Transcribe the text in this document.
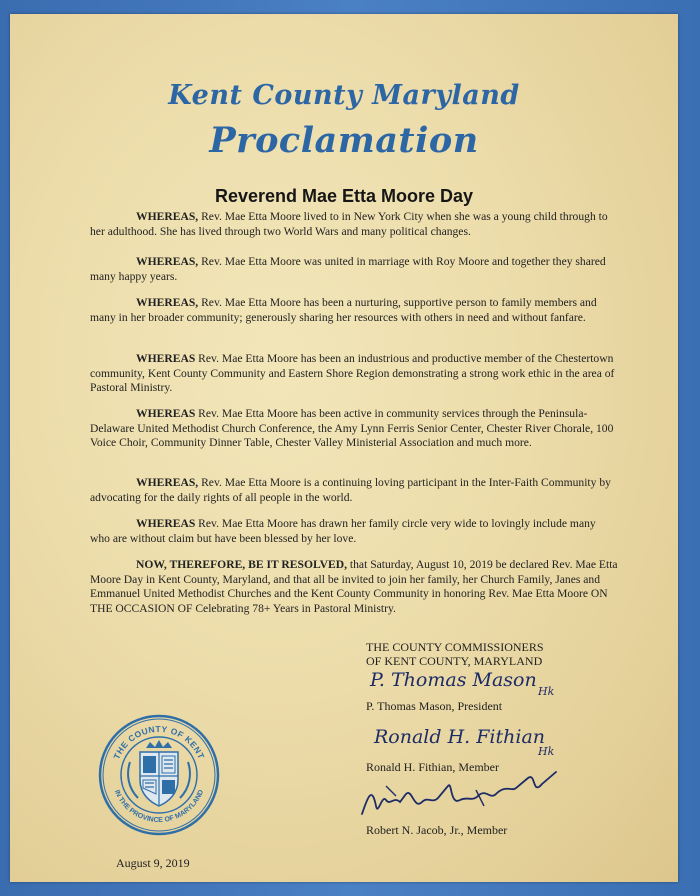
Kent County Maryland
Proclamation
Reverend Mae Etta Moore Day
WHEREAS, Rev. Mae Etta Moore lived to in New York City when she was a young child through to her adulthood. She has lived through two World Wars and many political changes.
WHEREAS, Rev. Mae Etta Moore was united in marriage with Roy Moore and together they shared many happy years.
WHEREAS, Rev. Mae Etta Moore has been a nurturing, supportive person to family members and many in her broader community; generously sharing her resources with others in need and without fanfare.
WHEREAS Rev. Mae Etta Moore has been an industrious and productive member of the Chestertown community, Kent County Community and Eastern Shore Region demonstrating a strong work ethic in the area of Pastoral Ministry.
WHEREAS Rev. Mae Etta Moore has been active in community services through the Peninsula-Delaware United Methodist Church Conference, the Amy Lynn Ferris Senior Center, Chester River Chorale, 100 Voice Choir, Community Dinner Table, Chester Valley Ministerial Association and much more.
WHEREAS, Rev. Mae Etta Moore is a continuing loving participant in the Inter-Faith Community by advocating for the daily rights of all people in the world.
WHEREAS Rev. Mae Etta Moore has drawn her family circle very wide to lovingly include many who are without claim but have been blessed by her love.
NOW, THEREFORE, BE IT RESOLVED, that Saturday, August 10, 2019 be declared Rev. Mae Etta Moore Day in Kent County, Maryland, and that all be invited to join her family, her Church Family, Janes and Emmanuel United Methodist Churches and the Kent County Community in honoring Rev. Mae Etta Moore ON THE OCCASION OF Celebrating 78+ Years in Pastoral Ministry.
THE COUNTY COMMISSIONERS
OF KENT COUNTY, MARYLAND
P. Thomas Mason
Hk
P. Thomas Mason, President
Ronald H. Fithian
Hk
Ronald H. Fithian, Member
Robert N. Jacob, Jr., Member
THE COUNTY OF KENT
IN THE PROVINCE OF MARYLAND
August 9, 2019
